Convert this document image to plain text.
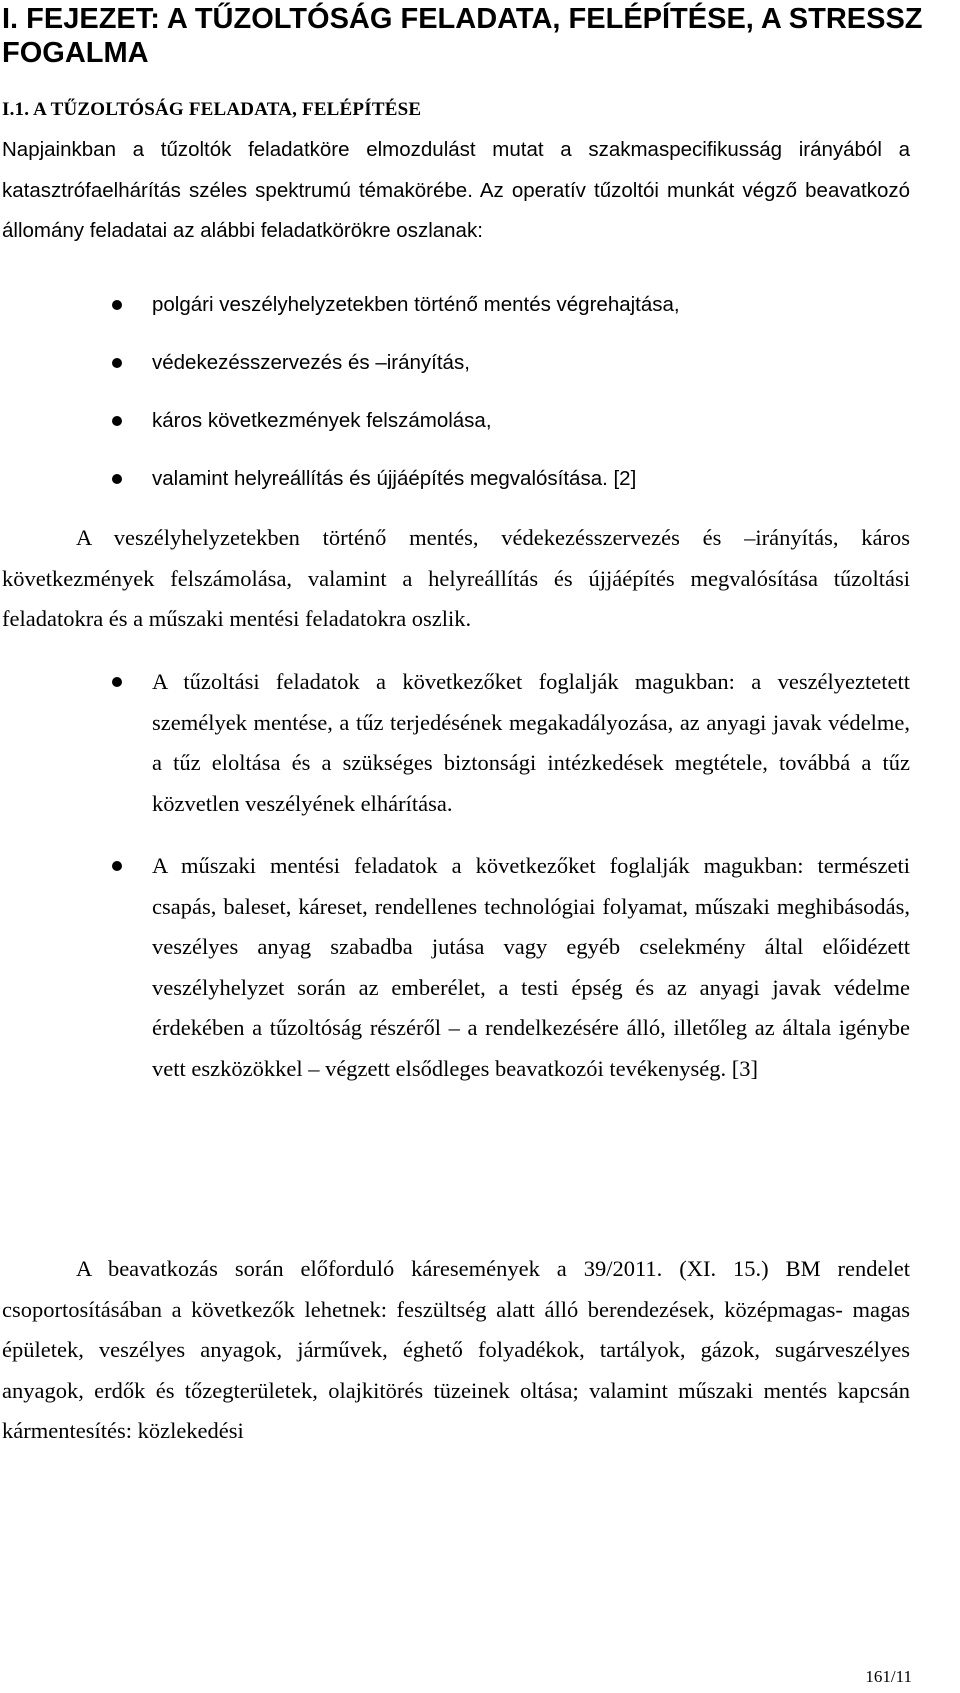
I. FEJEZET: A TŰZOLTÓSÁG FELADATA, FELÉPÍTÉSE, A STRESSZ FOGALMA
I.1. A TŰZOLTÓSÁG FELADATA, FELÉPÍTÉSE

Napjainkban a tűzoltók feladatköre elmozdulást mutat a szakmaspecifikusság irányából a katasztrófaelhárítás széles spektrumú témakörébe. Az operatív tűzoltói munkát végző beavatkozó állomány feladatai az alábbi feladatkörökre oszlanak:

polgári veszélyhelyzetekben történő mentés végrehajtása,
védekezésszervezés és –irányítás,
káros következmények felszámolása,
valamint helyreállítás és újjáépítés megvalósítása. [2]

A veszélyhelyzetekben történő mentés, védekezésszervezés és –irányítás, káros következmények felszámolása, valamint a helyreállítás és újjáépítés megvalósítása tűzoltási feladatokra és a műszaki mentési feladatokra oszlik.

A tűzoltási feladatok a következőket foglalják magukban: a veszélyeztetett személyek mentése, a tűz terjedésének megakadályozása, az anyagi javak védelme, a tűz eloltása és a szükséges biztonsági intézkedések megtétele, továbbá a tűz közvetlen veszélyének elhárítása.
A műszaki mentési feladatok a következőket foglalják magukban: természeti csapás, baleset, káreset, rendellenes technológiai folyamat, műszaki meghibásodás, veszélyes anyag szabadba jutása vagy egyéb cselekmény által előidézett veszélyhelyzet során az emberélet, a testi épség és az anyagi javak védelme érdekében a tűzoltóság részéről – a rendelkezésére álló, illetőleg az általa igénybe vett eszközökkel – végzett elsődleges beavatkozói tevékenység. [3]

A beavatkozás során előforduló káresemények a 39/2011. (XI. 15.) BM rendelet csoportosításában a következők lehetnek: feszültség alatt álló berendezések, középmagas- magas épületek, veszélyes anyagok, járművek, éghető folyadékok, tartályok, gázok, sugárveszélyes anyagok, erdők és tőzegterületek, olajkitörés tüzeinek oltása; valamint műszaki mentés kapcsán kármentesítés: közlekedési

161/11
